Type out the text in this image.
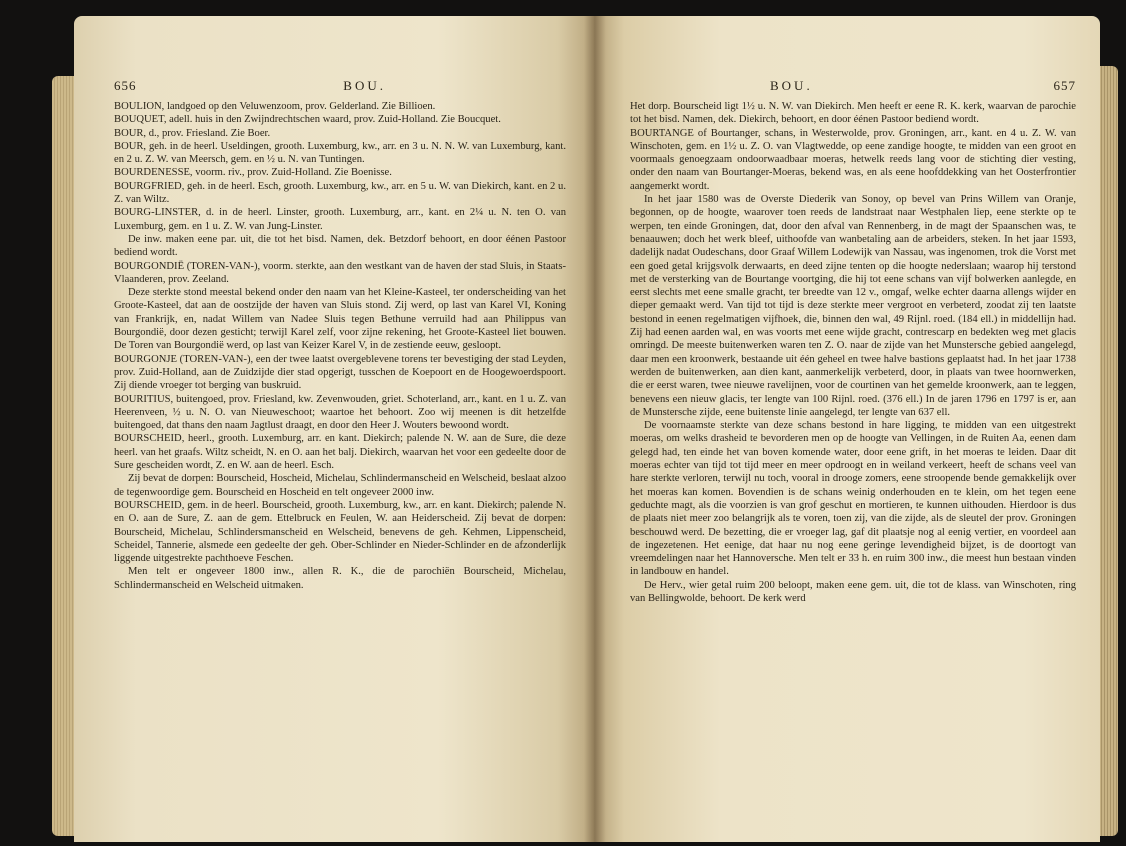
656	BOU.

BOULION, landgoed op den Veluwenzoom, prov. Gelderland. Zie Billioen.

BOUQUET, adell. huis in den Zwijndrechtschen waard, prov. Zuid-Holland. Zie Boucquet.

BOUR, d., prov. Friesland. Zie Boer.

BOUR, geh. in de heerl. Useldingen, grooth. Luxemburg, kw., arr. en 3 u. N. N. W. van Luxemburg, kant. en 2 u. Z. W. van Meersch, gem. en ½ u. N. van Tuntingen.

BOURDENESSE, voorm. riv., prov. Zuid-Holland. Zie Boenisse.

BOURGFRIED, geh. in de heerl. Esch, grooth. Luxemburg, kw., arr. en 5 u. W. van Diekirch, kant. en 2 u. Z. van Wiltz.

BOURG-LINSTER, d. in de heerl. Linster, grooth. Luxemburg, arr., kant. en 2¼ u. N. ten O. van Luxemburg, gem. en 1 u. Z. W. van Jung-Linster.

De inw. maken eene par. uit, die tot het bisd. Namen, dek. Betzdorf behoort, en door éénen Pastoor bediend wordt.

BOURGONDIË (TOREN-VAN-), voorm. sterkte, aan den westkant van de haven der stad Sluis, in Staats-Vlaanderen, prov. Zeeland.

Deze sterkte stond meestal bekend onder den naam van het Kleine-Kasteel, ter onderscheiding van het Groote-Kasteel, dat aan de oostzijde der haven van Sluis stond. Zij werd, op last van Karel VI, Koning van Frankrijk, en, nadat Willem van Nadee Sluis tegen Bethune verruild had aan Philippus van Bourgondië, door dezen gesticht; terwijl Karel zelf, voor zijne rekening, het Groote-Kasteel liet bouwen. De Toren van Bourgondië werd, op last van Keizer Karel V, in de zestiende eeuw, gesloopt.

BOURGONJE (TOREN-VAN-), een der twee laatst overgeblevene torens ter bevestiging der stad Leyden, prov. Zuid-Holland, aan de Zuidzijde dier stad opgerigt, tusschen de Koepoort en de Hoogewoerdspoort. Zij diende vroeger tot berging van buskruid.

BOURITIUS, buitengoed, prov. Friesland, kw. Zevenwouden, griet. Schoterland, arr., kant. en 1 u. Z. van Heerenveen, ½ u. N. O. van Nieuweschoot; waartoe het behoort. Zoo wij meenen is dit hetzelfde buitengoed, dat thans den naam Jagtlust draagt, en door den Heer J. Wouters bewoond wordt.

BOURSCHEID, heerl., grooth. Luxemburg, arr. en kant. Diekirch; palende N. W. aan de Sure, die deze heerl. van het graafs. Wiltz scheidt, N. en O. aan het balj. Diekirch, waarvan het voor een gedeelte door de Sure gescheiden wordt, Z. en W. aan de heerl. Esch.

Zij bevat de dorpen: Bourscheid, Hoscheid, Michelau, Schlindermanscheid en Welscheid, beslaat alzoo de tegenwoordige gem. Bourscheid en Hoscheid en telt ongeveer 2000 inw.

BOURSCHEID, gem. in de heerl. Bourscheid, grooth. Luxemburg, kw., arr. en kant. Diekirch; palende N. en O. aan de Sure, Z. aan de gem. Ettelbruck en Feulen, W. aan Heiderscheid. Zij bevat de dorpen: Bourscheid, Michelau, Schlindersmanscheid en Welscheid, benevens de geh. Kehmen, Lippenscheid, Scheidel, Tannerie, alsmede een gedeelte der geh. Ober-Schlinder en Nieder-Schlinder en de afzonderlijk liggende uitgestrekte pachthoeve Feschen.

Men telt er ongeveer 1800 inw., allen R. K., die de parochiën Bourscheid, Michelau, Schlindermanscheid en Welscheid uitmaken.

BOU.	657

Het dorp. Bourscheid ligt 1½ u. N. W. van Diekirch. Men heeft er eene R. K. kerk, waarvan de parochie tot het bisd. Namen, dek. Diekirch, behoort, en door éénen Pastoor bediend wordt.

BOURTANGE of Bourtanger, schans, in Westerwolde, prov. Groningen, arr., kant. en 4 u. Z. W. van Winschoten, gem. en 1½ u. Z. O. van Vlagtwedde, op eene zandige hoogte, te midden van een groot en voormaals genoegzaam ondoorwaadbaar moeras, hetwelk reeds lang voor de stichting dier vesting, onder den naam van Bourtanger-Moeras, bekend was, en als eene hoofddekking van het Oosterfrontier aangemerkt wordt.

In het jaar 1580 was de Overste Diederik van Sonoy, op bevel van Prins Willem van Oranje, begonnen, op de hoogte, waarover toen reeds de landstraat naar Westphalen liep, eene sterkte op te werpen, ten einde Groningen, dat, door den afval van Rennenberg, in de magt der Spaanschen was, te benaauwen; doch het werk bleef, uithoofde van wanbetaling aan de arbeiders, steken. In het jaar 1593, dadelijk nadat Oudeschans, door Graaf Willem Lodewijk van Nassau, was ingenomen, trok die Vorst met een goed getal krijgsvolk derwaarts, en deed zijne tenten op die hoogte nederslaan; waarop hij terstond met de versterking van de Bourtange voortging, die hij tot eene schans van vijf bolwerken aanlegde, en eerst slechts met eene smalle gracht, ter breedte van 12 v., omgaf, welke echter daarna allengs wijder en dieper gemaakt werd. Van tijd tot tijd is deze sterkte meer vergroot en verbeterd, zoodat zij ten laatste bestond in eenen regelmatigen vijfhoek, die, binnen den wal, 49 Rijnl. roed. (184 ell.) in middellijn had. Zij had eenen aarden wal, en was voorts met eene wijde gracht, contrescarp en bedekten weg met glacis omringd. De meeste buitenwerken waren ten Z. O. naar de zijde van het Munstersche gebied aangelegd, daar men een kroonwerk, bestaande uit één geheel en twee halve bastions geplaatst had. In het jaar 1738 werden de buitenwerken, aan dien kant, aanmerkelijk verbeterd, door, in plaats van twee hoornwerken, die er eerst waren, twee nieuwe ravelijnen, voor de courtinen van het gemelde kroonwerk, aan te leggen, benevens een nieuw glacis, ter lengte van 100 Rijnl. roed. (376 ell.) In de jaren 1796 en 1797 is er, aan de Munstersche zijde, eene buitenste linie aangelegd, ter lengte van 637 ell.

De voornaamste sterkte van deze schans bestond in hare ligging, te midden van een uitgestrekt moeras, om welks drasheid te bevorderen men op de hoogte van Vellingen, in de Ruiten Aa, eenen dam gelegd had, ten einde het van boven komende water, door eene grift, in het moeras te leiden. Daar dit moeras echter van tijd tot tijd meer en meer opdroogt en in weiland verkeert, heeft de schans veel van hare sterkte verloren, terwijl nu toch, vooral in drooge zomers, eene stroopende bende gemakkelijk over het moeras kan komen. Bovendien is de schans weinig onderhouden en te klein, om het tegen eene geduchte magt, als die voorzien is van grof geschut en mortieren, te kunnen uithouden. Hierdoor is dus de plaats niet meer zoo belangrijk als te voren, toen zij, van die zijde, als de sleutel der prov. Groningen beschouwd werd. De bezetting, die er vroeger lag, gaf dit plaatsje nog al eenig vertier, en voordeel aan de ingezetenen. Het eenige, dat haar nu nog eene geringe levendigheid bijzet, is de doortogt van vreemdelingen naar het Hannoversche. Men telt er 33 h. en ruim 300 inw., die meest hun bestaan vinden in landbouw en handel.

De Herv., wier getal ruim 200 beloopt, maken eene gem. uit, die tot de klass. van Winschoten, ring van Bellingwolde, behoort. De kerk werd
